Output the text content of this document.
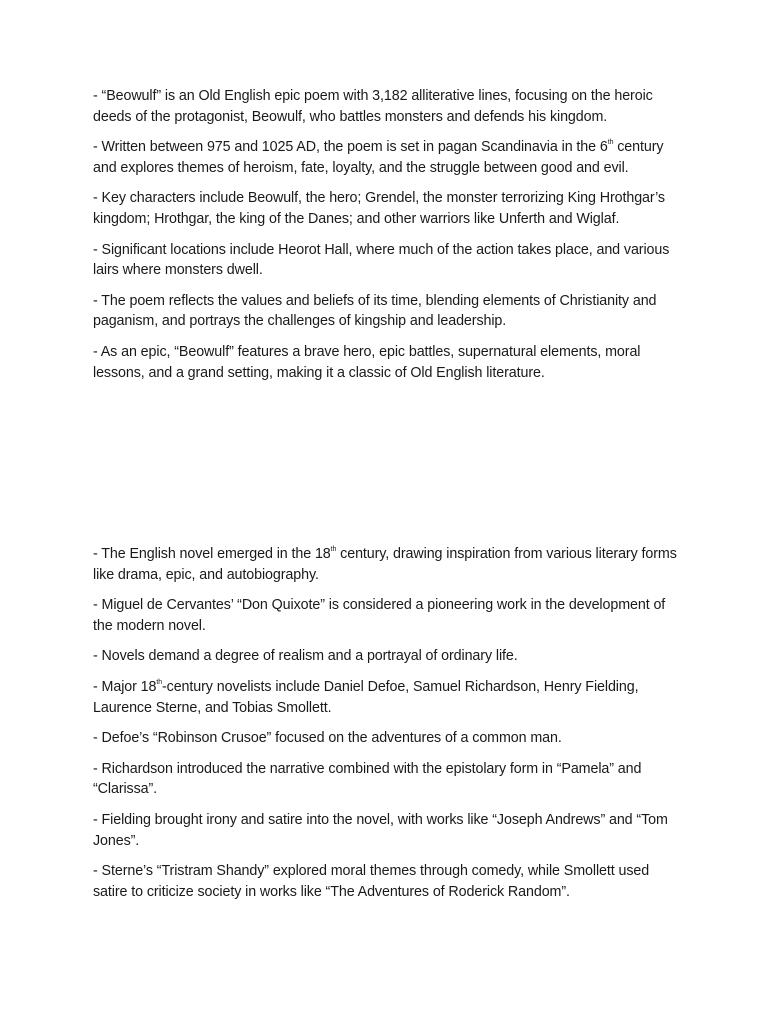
- “Beowulf” is an Old English epic poem with 3,182 alliterative lines, focusing on the heroic deeds of the protagonist, Beowulf, who battles monsters and defends his kingdom.

- Written between 975 and 1025 AD, the poem is set in pagan Scandinavia in the 6th century and explores themes of heroism, fate, loyalty, and the struggle between good and evil.

- Key characters include Beowulf, the hero; Grendel, the monster terrorizing King Hrothgar’s kingdom; Hrothgar, the king of the Danes; and other warriors like Unferth and Wiglaf.

- Significant locations include Heorot Hall, where much of the action takes place, and various lairs where monsters dwell.

- The poem reflects the values and beliefs of its time, blending elements of Christianity and paganism, and portrays the challenges of kingship and leadership.

- As an epic, “Beowulf” features a brave hero, epic battles, supernatural elements, moral lessons, and a grand setting, making it a classic of Old English literature.

- The English novel emerged in the 18th century, drawing inspiration from various literary forms like drama, epic, and autobiography.

- Miguel de Cervantes’ “Don Quixote” is considered a pioneering work in the development of the modern novel.

- Novels demand a degree of realism and a portrayal of ordinary life.

- Major 18th-century novelists include Daniel Defoe, Samuel Richardson, Henry Fielding, Laurence Sterne, and Tobias Smollett.

- Defoe’s “Robinson Crusoe” focused on the adventures of a common man.

- Richardson introduced the narrative combined with the epistolary form in “Pamela” and “Clarissa”.

- Fielding brought irony and satire into the novel, with works like “Joseph Andrews” and “Tom Jones”.

- Sterne’s “Tristram Shandy” explored moral themes through comedy, while Smollett used satire to criticize society in works like “The Adventures of Roderick Random”.
